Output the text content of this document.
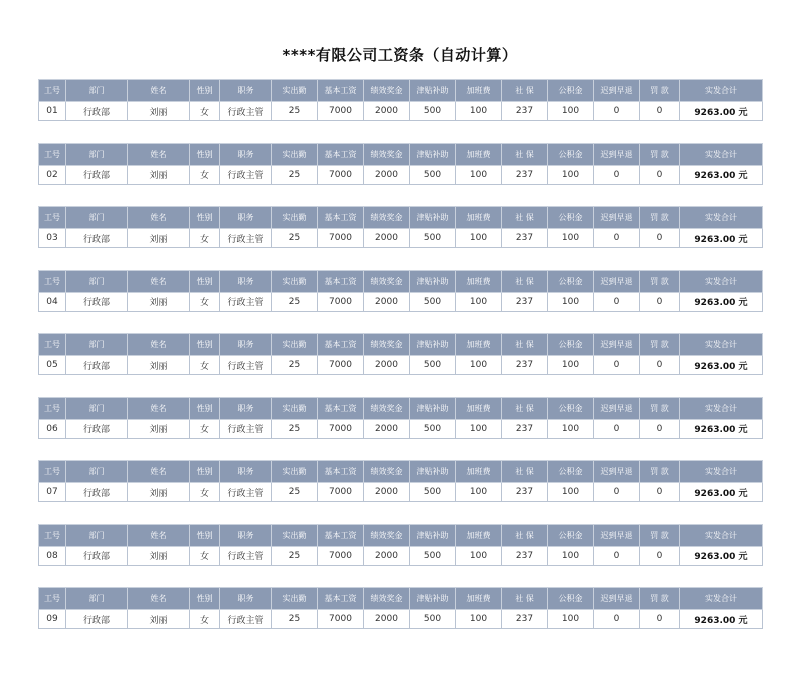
****有限公司工资条（自动计算）
工号	部门	姓名	性别	职务	实出勤	基本工资	绩效奖金	津贴补助	加班费	社 保	公积金	迟到早退	罚 款	实发合计
01	行政部	刘丽	女	行政主管	25	7000	2000	500	100	237	100	0	0	9263.00 元
工号	部门	姓名	性别	职务	实出勤	基本工资	绩效奖金	津贴补助	加班费	社 保	公积金	迟到早退	罚 款	实发合计
02	行政部	刘丽	女	行政主管	25	7000	2000	500	100	237	100	0	0	9263.00 元
工号	部门	姓名	性别	职务	实出勤	基本工资	绩效奖金	津贴补助	加班费	社 保	公积金	迟到早退	罚 款	实发合计
03	行政部	刘丽	女	行政主管	25	7000	2000	500	100	237	100	0	0	9263.00 元
工号	部门	姓名	性别	职务	实出勤	基本工资	绩效奖金	津贴补助	加班费	社 保	公积金	迟到早退	罚 款	实发合计
04	行政部	刘丽	女	行政主管	25	7000	2000	500	100	237	100	0	0	9263.00 元
工号	部门	姓名	性别	职务	实出勤	基本工资	绩效奖金	津贴补助	加班费	社 保	公积金	迟到早退	罚 款	实发合计
05	行政部	刘丽	女	行政主管	25	7000	2000	500	100	237	100	0	0	9263.00 元
工号	部门	姓名	性别	职务	实出勤	基本工资	绩效奖金	津贴补助	加班费	社 保	公积金	迟到早退	罚 款	实发合计
06	行政部	刘丽	女	行政主管	25	7000	2000	500	100	237	100	0	0	9263.00 元
工号	部门	姓名	性别	职务	实出勤	基本工资	绩效奖金	津贴补助	加班费	社 保	公积金	迟到早退	罚 款	实发合计
07	行政部	刘丽	女	行政主管	25	7000	2000	500	100	237	100	0	0	9263.00 元
工号	部门	姓名	性别	职务	实出勤	基本工资	绩效奖金	津贴补助	加班费	社 保	公积金	迟到早退	罚 款	实发合计
08	行政部	刘丽	女	行政主管	25	7000	2000	500	100	237	100	0	0	9263.00 元
工号	部门	姓名	性别	职务	实出勤	基本工资	绩效奖金	津贴补助	加班费	社 保	公积金	迟到早退	罚 款	实发合计
09	行政部	刘丽	女	行政主管	25	7000	2000	500	100	237	100	0	0	9263.00 元
